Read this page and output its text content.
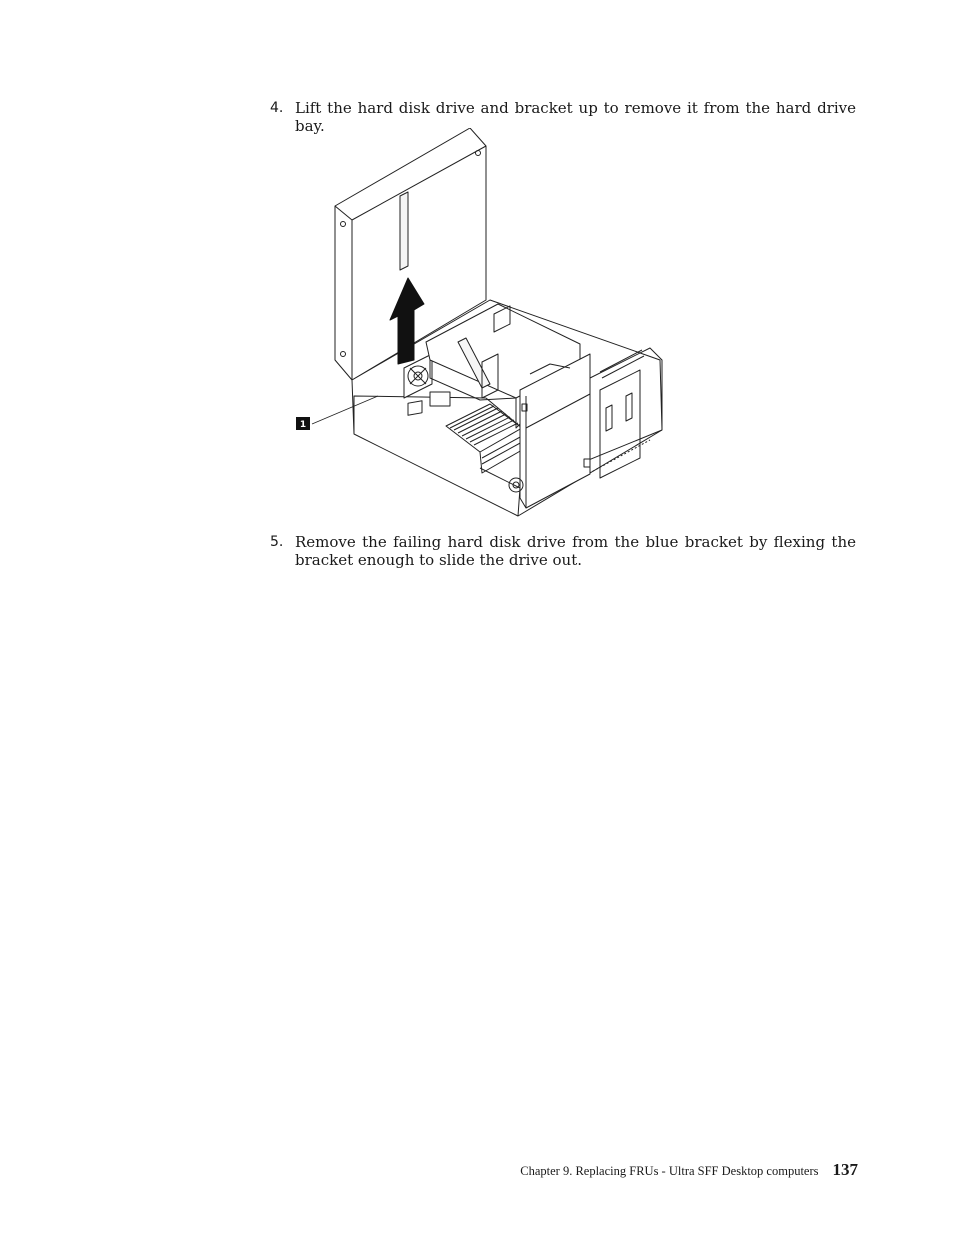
4. Lift the hard disk drive and bracket up to remove it from the hard drive bay.
1
5. Remove the failing hard disk drive from the blue bracket by flexing the bracket enough to slide the drive out.
Chapter 9. Replacing FRUs - Ultra SFF Desktop computers 137
